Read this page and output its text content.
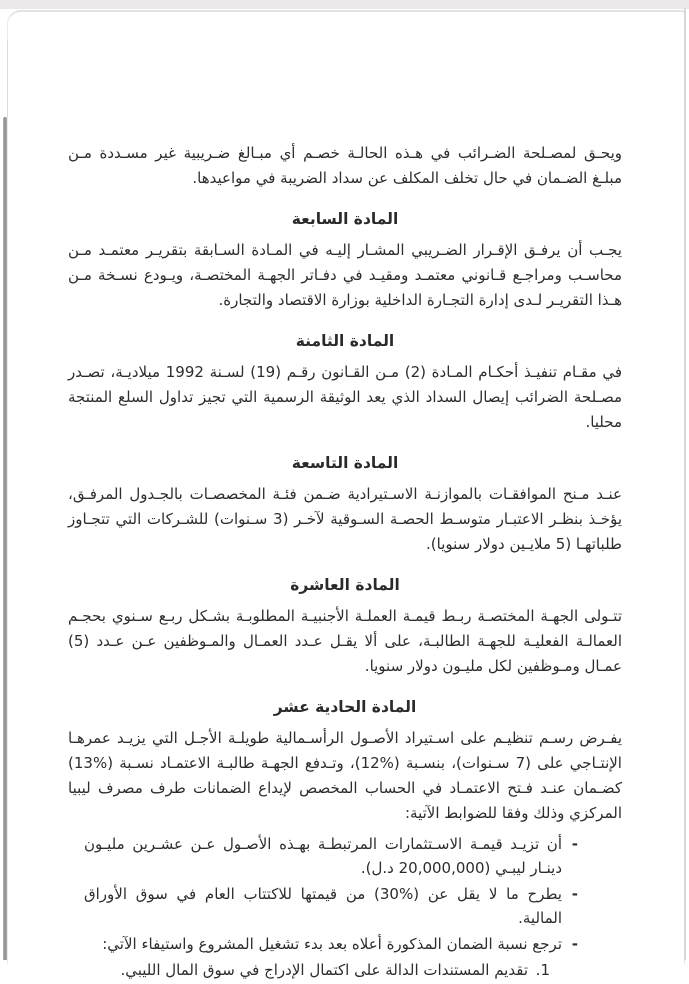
ويحـق لمصـلحة الضـرائب في هـذه الحالـة خصـم أي مبـالغ ضـريبية غير مسـددة مـن مبلـغ الضـمان في حال تخلف المكلف عن سداد الضريبة في مواعيدها.

المادة السابعة

يجـب أن يرفـق الإقـرار الضـريبي المشـار إليـه في المـادة السـابقة بتقريـر معتمـد مـن محاسـب ومراجـع قـانوني معتمـد ومقيـد في دفـاتر الجهـة المختصـة، ويـودع نسـخة مـن هـذا التقريـر لـدى إدارة التجـارة الداخلية بوزارة الاقتصاد والتجارة.

المادة الثامنة

في مقـام تنفيـذ أحكـام المـادة (2) مـن القـانون رقـم (19) لسـنة 1992 ميلاديـة، تصـدر مصـلحة الضرائب إيصال السداد الذي يعد الوثيقة الرسمية التي تجيز تداول السلع المنتجة محليا.

المادة التاسعة

عنـد مـنح الموافقـات بالموازنـة الاسـتيرادية ضـمن فئـة المخصصـات بالجـدول المرفـق، يؤخـذ بنظـر الاعتبـار متوسـط الحصـة السـوقية لآخـر (3 سـنوات) للشـركات التي تتجـاوز طلباتهـا (5 ملايـين دولار سنويا).

المادة العاشرة

تتـولى الجهـة المختصـة ربـط قيمـة العملـة الأجنبيـة المطلوبـة بشـكل ربـع سـنوي بحجـم العمالـة الفعليـة للجهـة الطالبـة، على ألا يقـل عـدد العمـال والمـوظفين عـن عـدد (5) عمـال ومـوظفين لكل مليـون دولار سنويا.

المادة الحادية عشر

يفـرض رسـم تنظيـم على اسـتيراد الأصـول الرأسـمالية طويلـة الأجـل التي يزيـد عمرهـا الإنتـاجي على (7 سـنوات)، بنسـبة (%12)، وتـدفع الجهـة طالبـة الاعتمـاد نسـبة (%13) كضـمان عنـد فـتح الاعتمـاد في الحساب المخصص لإيداع الضمانات طرف مصرف ليبيا المركزي وذلك وفقا للضوابط الآتية:

-
أن تزيـد قيمـة الاسـتثمارات المرتبطـة بهـذه الأصـول عـن عشـرين مليـون دينـار ليبـي (20,000,000 د.ل).
-
يطرح ما لا يقل عن (%30) من قيمتها للاكتتاب العام في سوق الأوراق المالية.
-
ترجع نسبة الضمان المذكورة أعلاه بعد بدء تشغيل المشروع واستيفاء الآتي:
1.
تقديم المستندات الدالة على اكتمال الإدراج في سوق المال الليبي.
